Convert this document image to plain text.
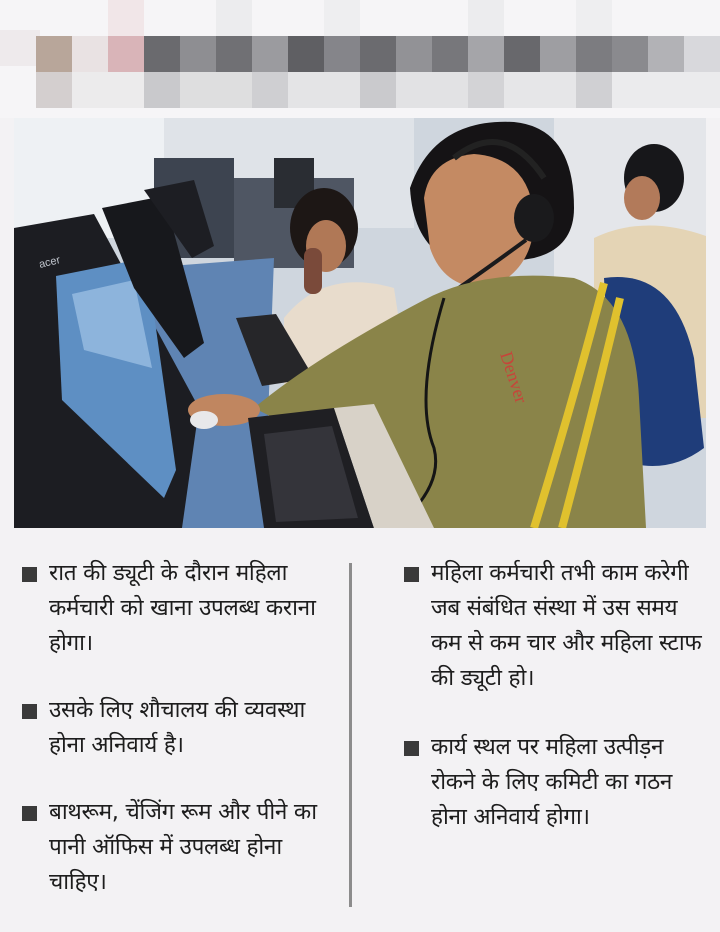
acer
Denver
रात की ड्यूटी के दौरान महिला कर्मचारी को खाना उपलब्ध कराना होगा।
उसके लिए शौचालय की व्यवस्था होना अनिवार्य है।
बाथरूम, चेंजिंग रूम और पीने का पानी ऑफिस में उपलब्ध होना चाहिए।
महिला कर्मचारी तभी काम करेगी जब संबंधित संस्था में उस समय कम से कम चार और महिला स्टाफ की ड्यूटी हो।
कार्य स्थल पर महिला उत्पीड़न रोकने के लिए कमिटी का गठन होना अनिवार्य होगा।
